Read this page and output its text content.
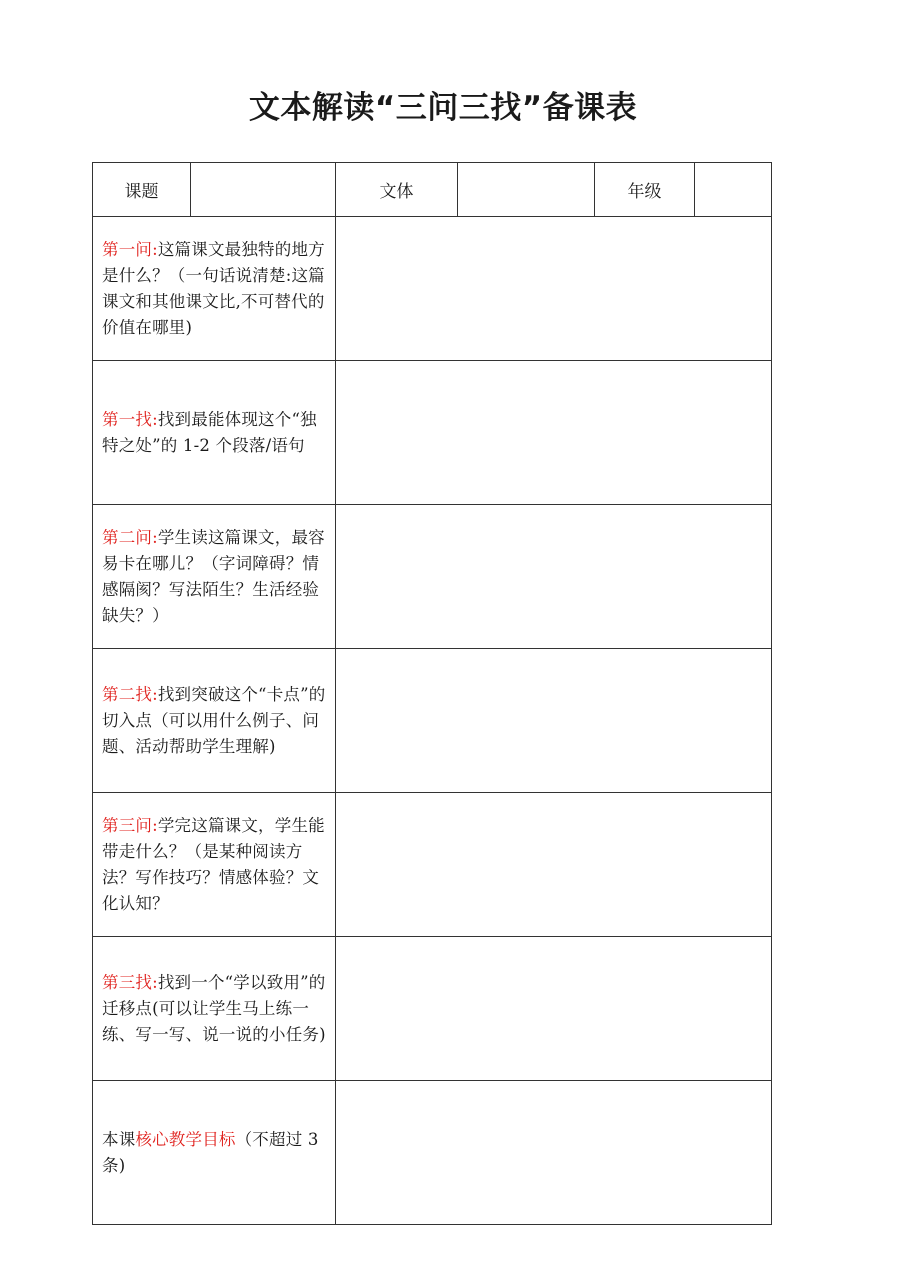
文本解读“三问三找”备课表
课题		文体		年级	
第一问:这篇课文最独特的地方是什么？（一句话说清楚:这篇课文和其他课文比,不可替代的价值在哪里)					
第一找:找到最能体现这个“独特之处”的 1-2 个段落/语句					
第二问:学生读这篇课文，最容易卡在哪儿？（字词障碍？情感隔阂？写法陌生？生活经验缺失？）					
第二找:找到突破这个“卡点”的切入点（可以用什么例子、问题、活动帮助学生理解)					
第三问:学完这篇课文，学生能带走什么？（是某种阅读方法？写作技巧？情感体验？文化认知？					
第三找:找到一个“学以致用”的迁移点(可以让学生马上练一练、写一写、说一说的小任务)					
本课核心教学目标（不超过 3 条)					
